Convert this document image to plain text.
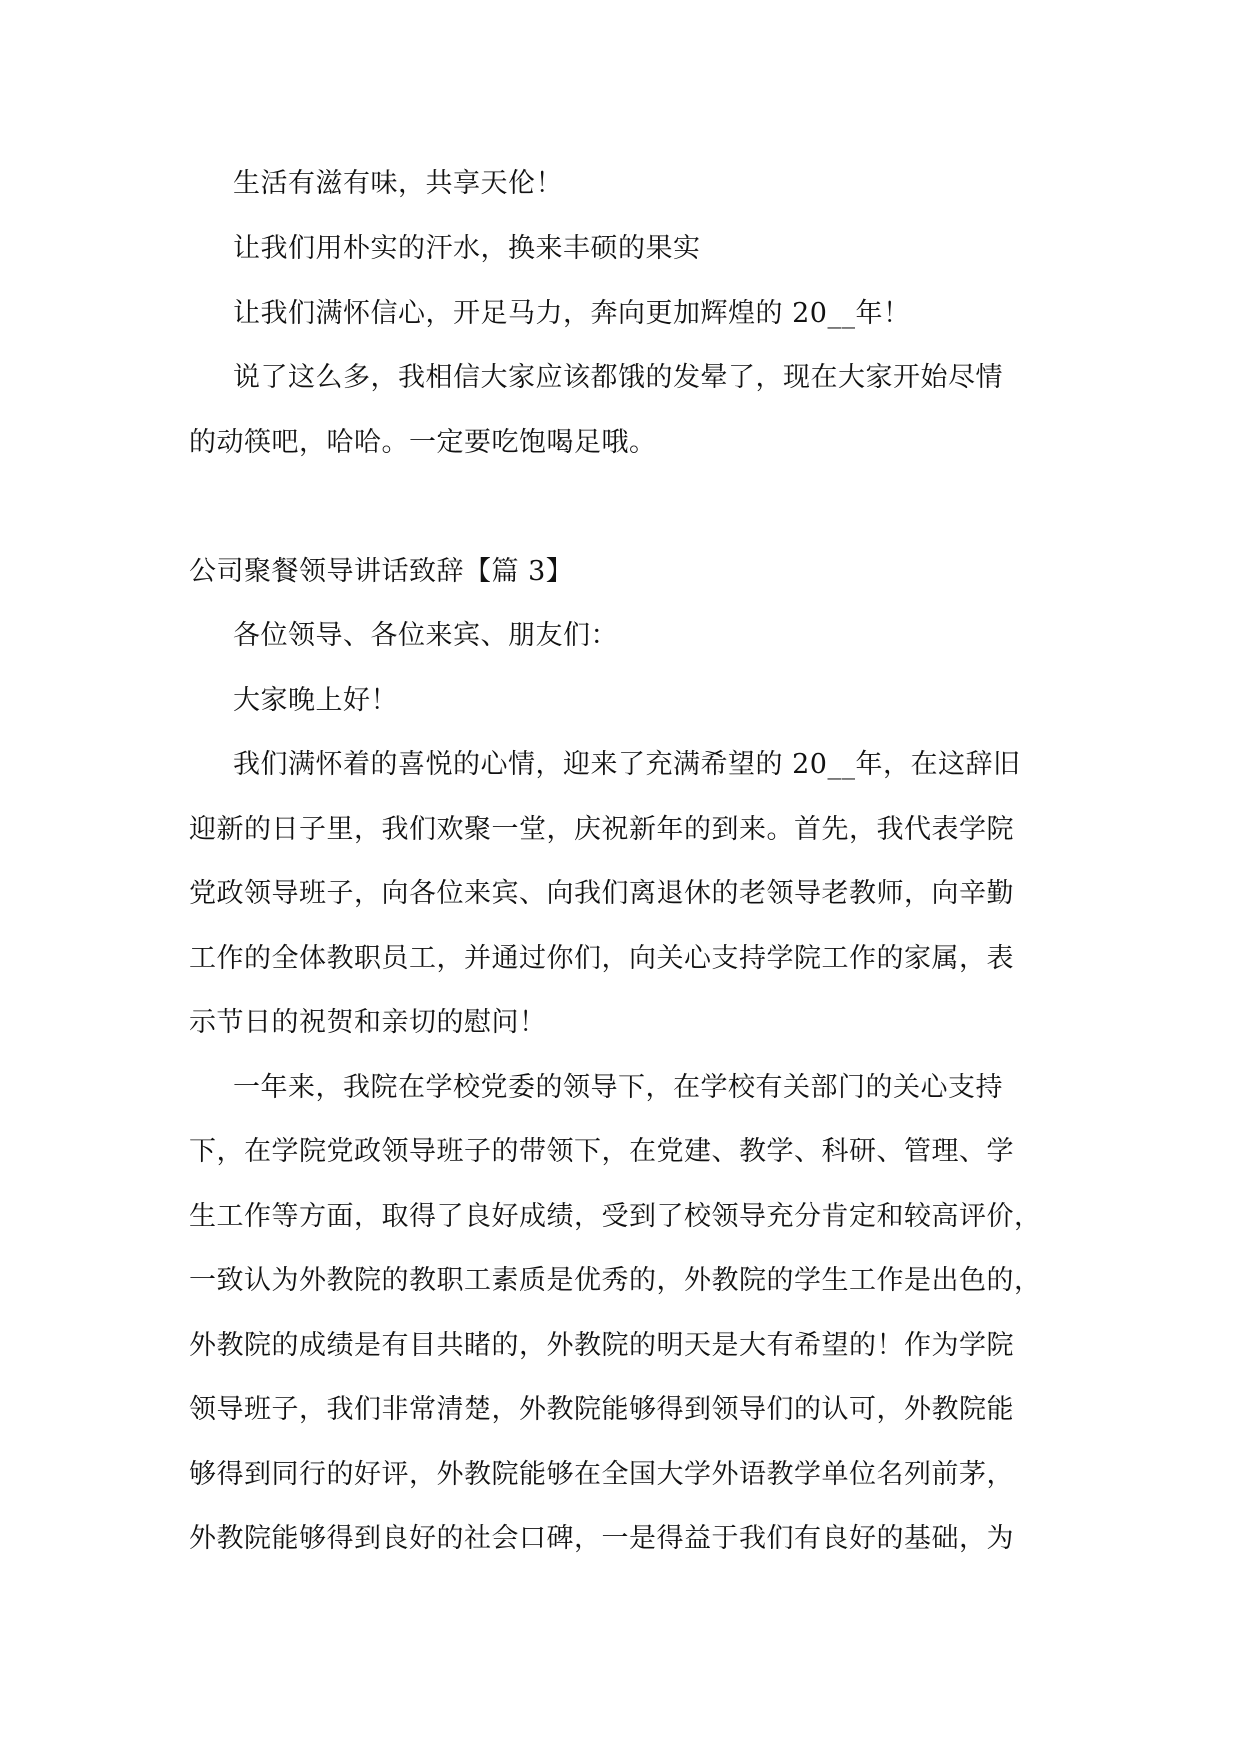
生活有滋有味，共享天伦！
让我们用朴实的汗水，换来丰硕的果实
让我们满怀信心，开足马力，奔向更加辉煌的 20__年！
说了这么多，我相信大家应该都饿的发晕了，现在大家开始尽情
的动筷吧，哈哈。一定要吃饱喝足哦。
公司聚餐领导讲话致辞【篇 3】
各位领导、各位来宾、朋友们：
大家晚上好！
我们满怀着的喜悦的心情，迎来了充满希望的 20__年，在这辞旧
迎新的日子里，我们欢聚一堂，庆祝新年的到来。首先，我代表学院
党政领导班子，向各位来宾、向我们离退休的老领导老教师，向辛勤
工作的全体教职员工，并通过你们，向关心支持学院工作的家属，表
示节日的祝贺和亲切的慰问！
一年来，我院在学校党委的领导下，在学校有关部门的关心支持
下，在学院党政领导班子的带领下，在党建、教学、科研、管理、学
生工作等方面，取得了良好成绩，受到了校领导充分肯定和较高评价，
一致认为外教院的教职工素质是优秀的，外教院的学生工作是出色的，
外教院的成绩是有目共睹的，外教院的明天是大有希望的！作为学院
领导班子，我们非常清楚，外教院能够得到领导们的认可，外教院能
够得到同行的好评，外教院能够在全国大学外语教学单位名列前茅，
外教院能够得到良好的社会口碑，一是得益于我们有良好的基础，为
